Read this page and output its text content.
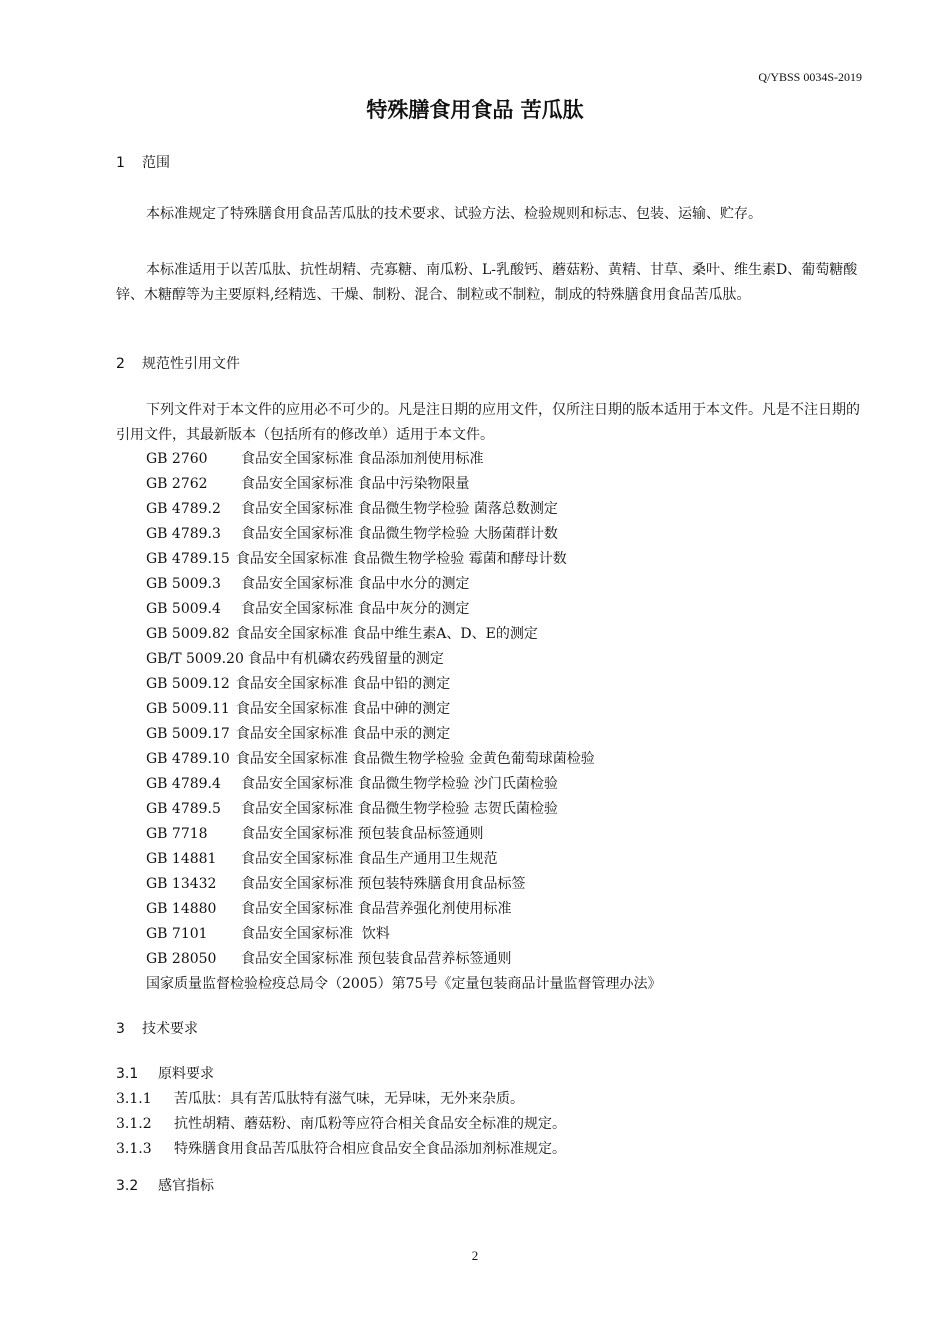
Q/YBSS 0034S-2019
特殊膳食用食品 苦瓜肽
1 范围

本标准规定了特殊膳食用食品苦瓜肽的技术要求、试验方法、检验规则和标志、包装、运输、贮存。

本标准适用于以苦瓜肽、抗性胡精、壳寡糖、南瓜粉、L-乳酸钙、蘑菇粉、黄精、甘草、桑叶、维生素D、葡萄糖酸锌、木糖醇等为主要原料,经精选、干燥、制粉、混合、制粒或不制粒，制成的特殊膳食用食品苦瓜肽。

2 规范性引用文件

下列文件对于本文件的应用必不可少的。凡是注日期的应用文件，仅所注日期的版本适用于本文件。凡是不注日期的引用文件，其最新版本（包括所有的修改单）适用于本文件。

GB 2760 食品安全国家标准 食品添加剂使用标准
GB 2762 食品安全国家标准 食品中污染物限量
GB 4789.2 食品安全国家标准 食品微生物学检验 菌落总数测定
GB 4789.3 食品安全国家标准 食品微生物学检验 大肠菌群计数
GB 4789.15 食品安全国家标准 食品微生物学检验 霉菌和酵母计数
GB 5009.3 食品安全国家标准 食品中水分的测定
GB 5009.4 食品安全国家标准 食品中灰分的测定
GB 5009.82 食品安全国家标准 食品中维生素A、D、E的测定
GB/T 5009.20 食品中有机磷农药残留量的测定
GB 5009.12 食品安全国家标准 食品中铅的测定
GB 5009.11 食品安全国家标准 食品中砷的测定
GB 5009.17 食品安全国家标准 食品中汞的测定
GB 4789.10 食品安全国家标准 食品微生物学检验 金黄色葡萄球菌检验
GB 4789.4 食品安全国家标准 食品微生物学检验 沙门氏菌检验
GB 4789.5 食品安全国家标准 食品微生物学检验 志贺氏菌检验
GB 7718 食品安全国家标准 预包装食品标签通则
GB 14881 食品安全国家标准 食品生产通用卫生规范
GB 13432 食品安全国家标准 预包装特殊膳食用食品标签
GB 14880 食品安全国家标准 食品营养强化剂使用标准
GB 7101 食品安全国家标准  饮料
GB 28050 食品安全国家标准 预包装食品营养标签通则
国家质量监督检验检疫总局令（2005）第75号《定量包装商品计量监督管理办法》
3 技术要求
3.1 原料要求
3.1.1 苦瓜肽：具有苦瓜肽特有滋气味，无异味，无外来杂质。
3.1.2 抗性胡精、蘑菇粉、南瓜粉等应符合相关食品安全标准的规定。
3.1.3 特殊膳食用食品苦瓜肽符合相应食品安全食品添加剂标准规定。
3.2 感官指标
2
